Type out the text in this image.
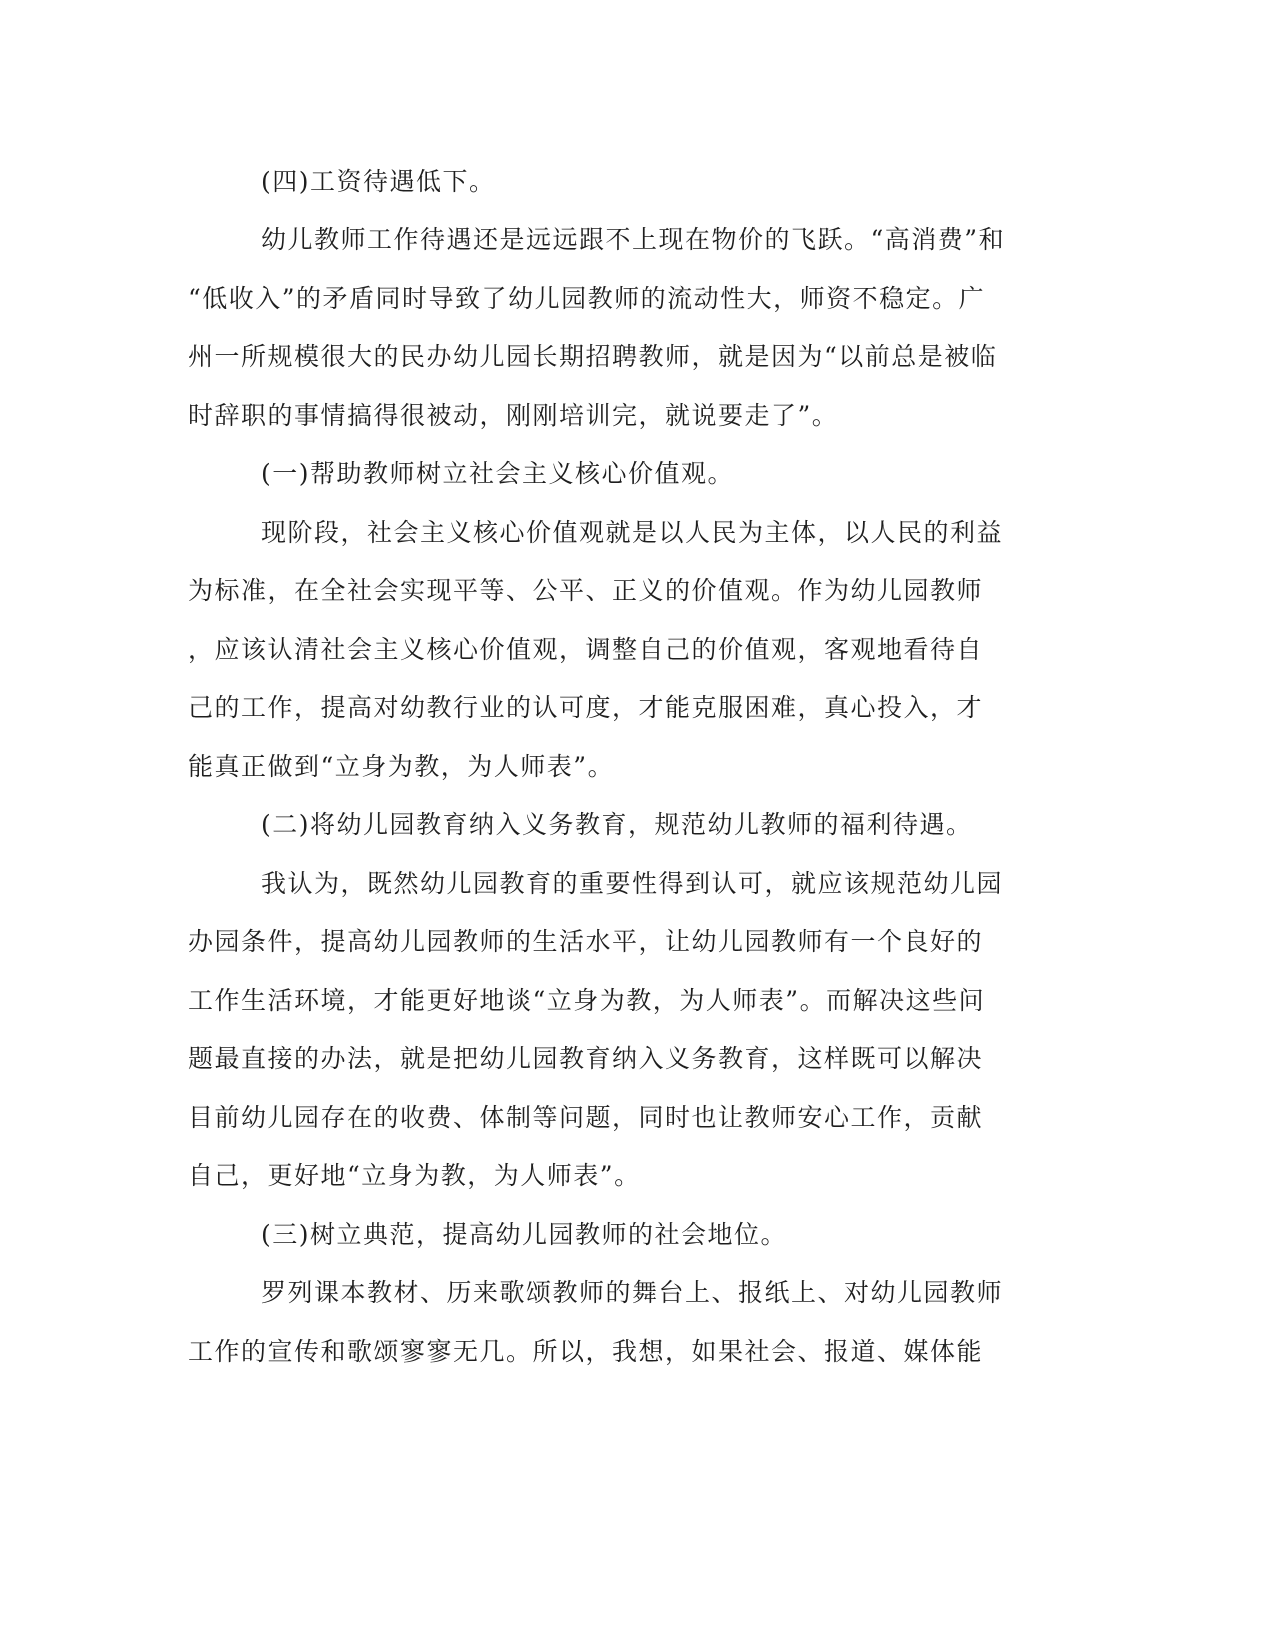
(四)工资待遇低下。
幼儿教师工作待遇还是远远跟不上现在物价的飞跃。“高消费”和
“低收入”的矛盾同时导致了幼儿园教师的流动性大，师资不稳定。广
州一所规模很大的民办幼儿园长期招聘教师，就是因为“以前总是被临
时辞职的事情搞得很被动，刚刚培训完，就说要走了”。
(一)帮助教师树立社会主义核心价值观。
现阶段，社会主义核心价值观就是以人民为主体，以人民的利益
为标准，在全社会实现平等、公平、正义的价值观。作为幼儿园教师
，应该认清社会主义核心价值观，调整自己的价值观，客观地看待自
己的工作，提高对幼教行业的认可度，才能克服困难，真心投入，才
能真正做到“立身为教，为人师表”。
(二)将幼儿园教育纳入义务教育，规范幼儿教师的福利待遇。
我认为，既然幼儿园教育的重要性得到认可，就应该规范幼儿园
办园条件，提高幼儿园教师的生活水平，让幼儿园教师有一个良好的
工作生活环境，才能更好地谈“立身为教，为人师表”。而解决这些问
题最直接的办法，就是把幼儿园教育纳入义务教育，这样既可以解决
目前幼儿园存在的收费、体制等问题，同时也让教师安心工作，贡献
自己，更好地“立身为教，为人师表”。
(三)树立典范，提高幼儿园教师的社会地位。
罗列课本教材、历来歌颂教师的舞台上、报纸上、对幼儿园教师
工作的宣传和歌颂寥寥无几。所以，我想，如果社会、报道、媒体能
